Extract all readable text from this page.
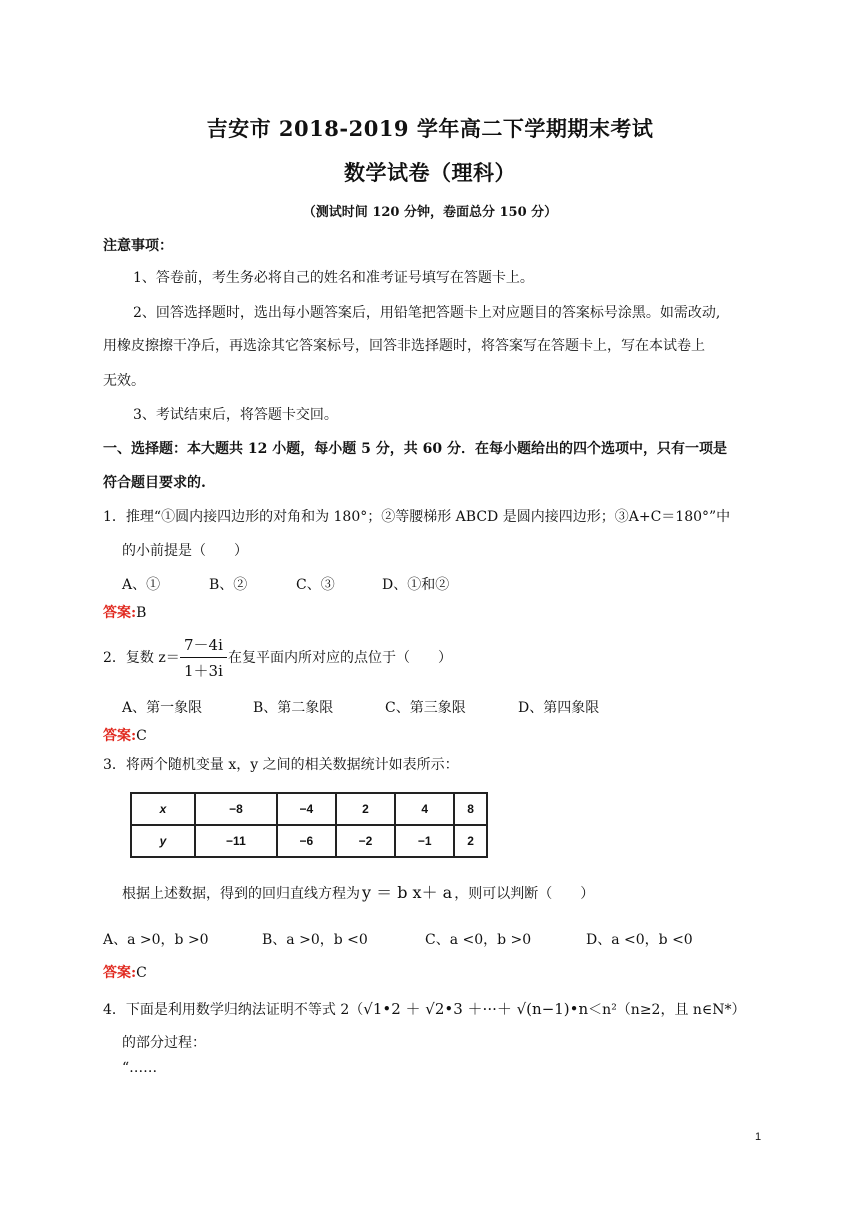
吉安市 2018-2019 学年高二下学期期末考试
数学试卷（理科）
（测试时间 120 分钟，卷面总分 150 分）
注意事项：
1、答卷前，考生务必将自己的姓名和准考证号填写在答题卡上。
2、回答选择题时，选出每小题答案后，用铅笔把答题卡上对应题目的答案标号涂黑。如需改动,
用橡皮擦擦干净后，再选涂其它答案标号，回答非选择题时，将答案写在答题卡上，写在本试卷上
无效。
3、考试结束后，将答题卡交回。
一、选择题：本大题共 12 小题，每小题 5 分，共 60 分．在每小题给出的四个选项中，只有一项是
符合题目要求的.
1．推理“①圆内接四边形的对角和为 180°；②等腰梯形 ABCD 是圆内接四边形；③A+C＝180°”中
的小前提是（　　）
A、①	B、②	C、③	D、①和②
答案:B
2．复数 $z= \frac{7-4i}{1+3i}$ 在复平面内所对应的点位于（　　）
A、第一象限	B、第二象限	C、第三象限	D、第四象限
答案:C
3．将两个随机变量 x，y 之间的相关数据统计如表所示：
x	−8	−4	2	4	8
y	−11	−6	−2	−1	2
根据上述数据，得到的回归直线方程为 y ＝ b x＋ a ，则可以判断（　　）
A、a >0，b >0	B、a >0，b <0	C、a <0，b >0	D、a <0，b <0
答案:C
4．下面是利用数学归纳法证明不等式 2（√1•2 ＋ √2•3 ＋···＋ √(n−1)•n＜n²（n≥2，且 n∈N*）
的部分过程：
“……
1
